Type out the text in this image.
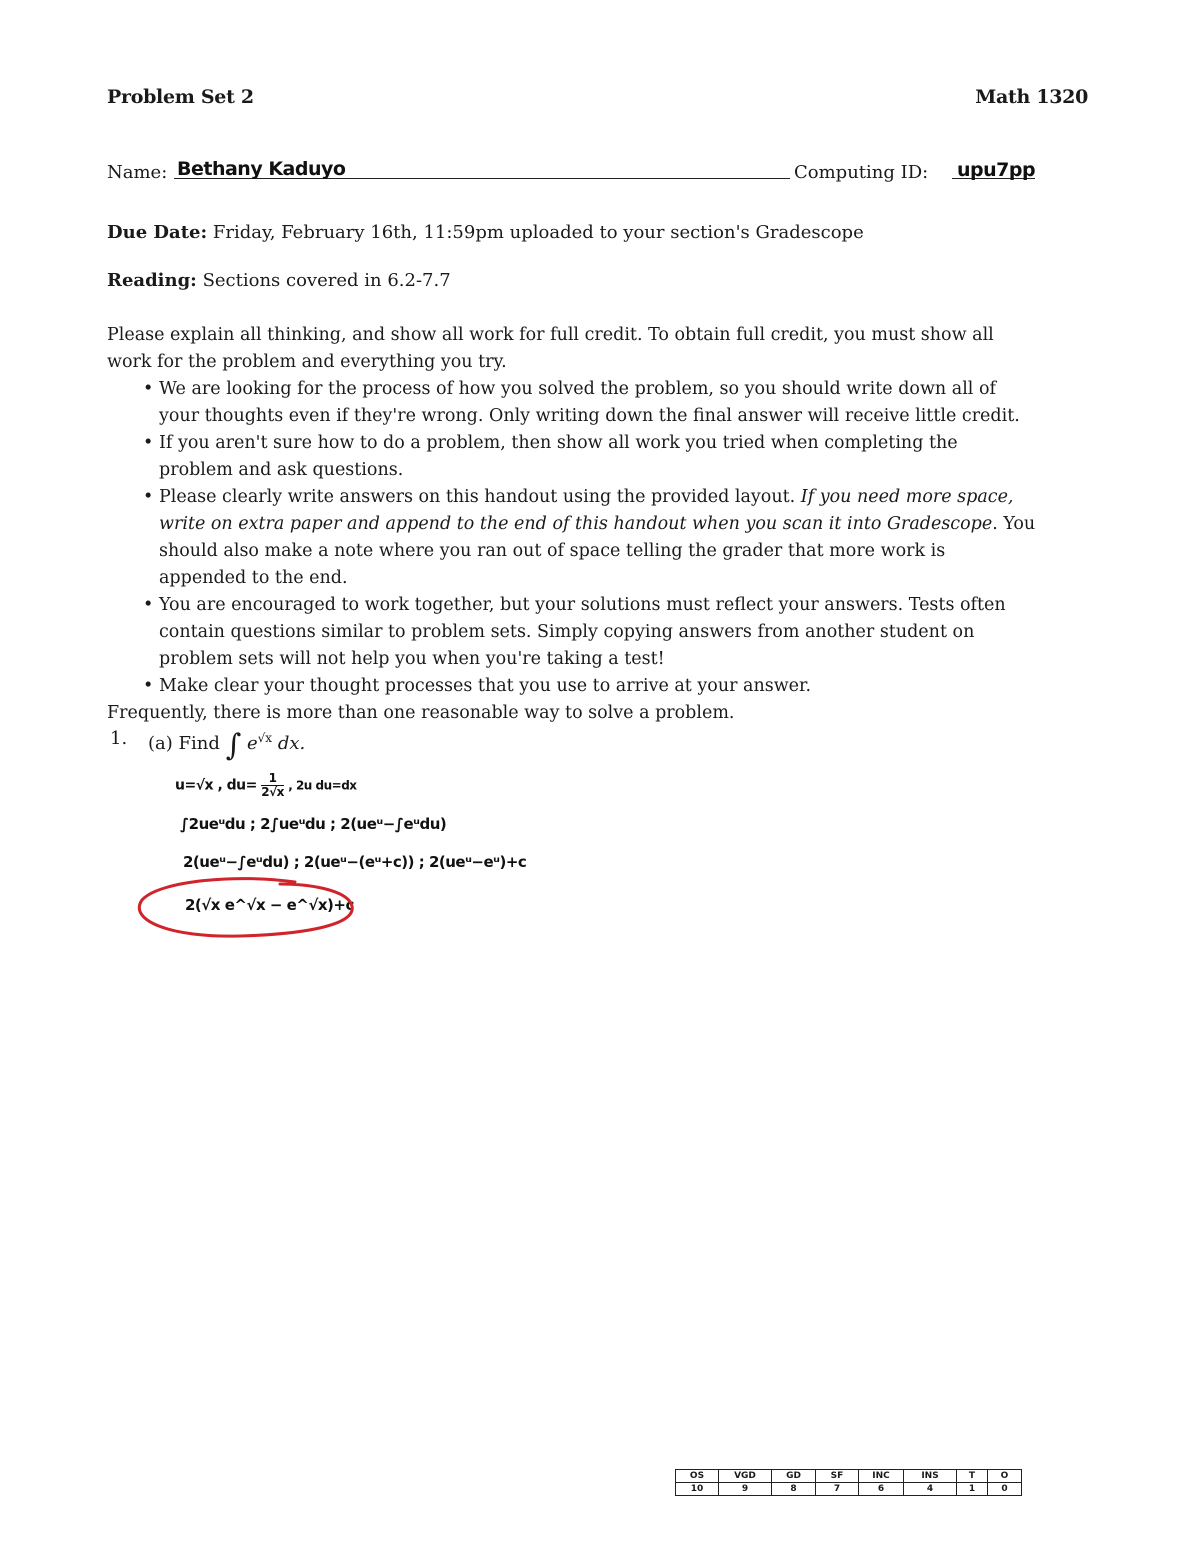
Problem Set 2	Math 1320
Name: Bethany Kaduyo	Computing ID: upu7pp
Due Date: Friday, February 16th, 11:59pm uploaded to your section's Gradescope
Reading: Sections covered in 6.2-7.7
Please explain all thinking, and show all work for full credit. To obtain full credit, you must show all work for the problem and everything you try.
• We are looking for the process of how you solved the problem, so you should write down all of your thoughts even if they're wrong. Only writing down the final answer will receive little credit.
• If you aren't sure how to do a problem, then show all work you tried when completing the problem and ask questions.
• Please clearly write answers on this handout using the provided layout. If you need more space, write on extra paper and append to the end of this handout when you scan it into Gradescope. You should also make a note where you ran out of space telling the grader that more work is appended to the end.
• You are encouraged to work together, but your solutions must reflect your answers. Tests often contain questions similar to problem sets. Simply copying answers from another student on problem sets will not help you when you're taking a test!
• Make clear your thought processes that you use to arrive at your answer.
Frequently, there is more than one reasonable way to solve a problem.
1. (a) Find ∫ $e^{√x}$ dx.
u=√x , $du= \frac{1}{2√x}$ , 2u du=dx
∫2ueᵘdu ; 2∫ueᵘdu ; 2(ueᵘ−∫eᵘdu)
2(ueᵘ−∫eᵘdu) ; 2(ueᵘ−(eᵘ+c)) ; 2(ueᵘ−eᵘ)+c
2(√x e^√x − e^√x)+c
OS	VGD	GD	SF	INC	INS	T	O
10	9	8	7	6	4	1	0
